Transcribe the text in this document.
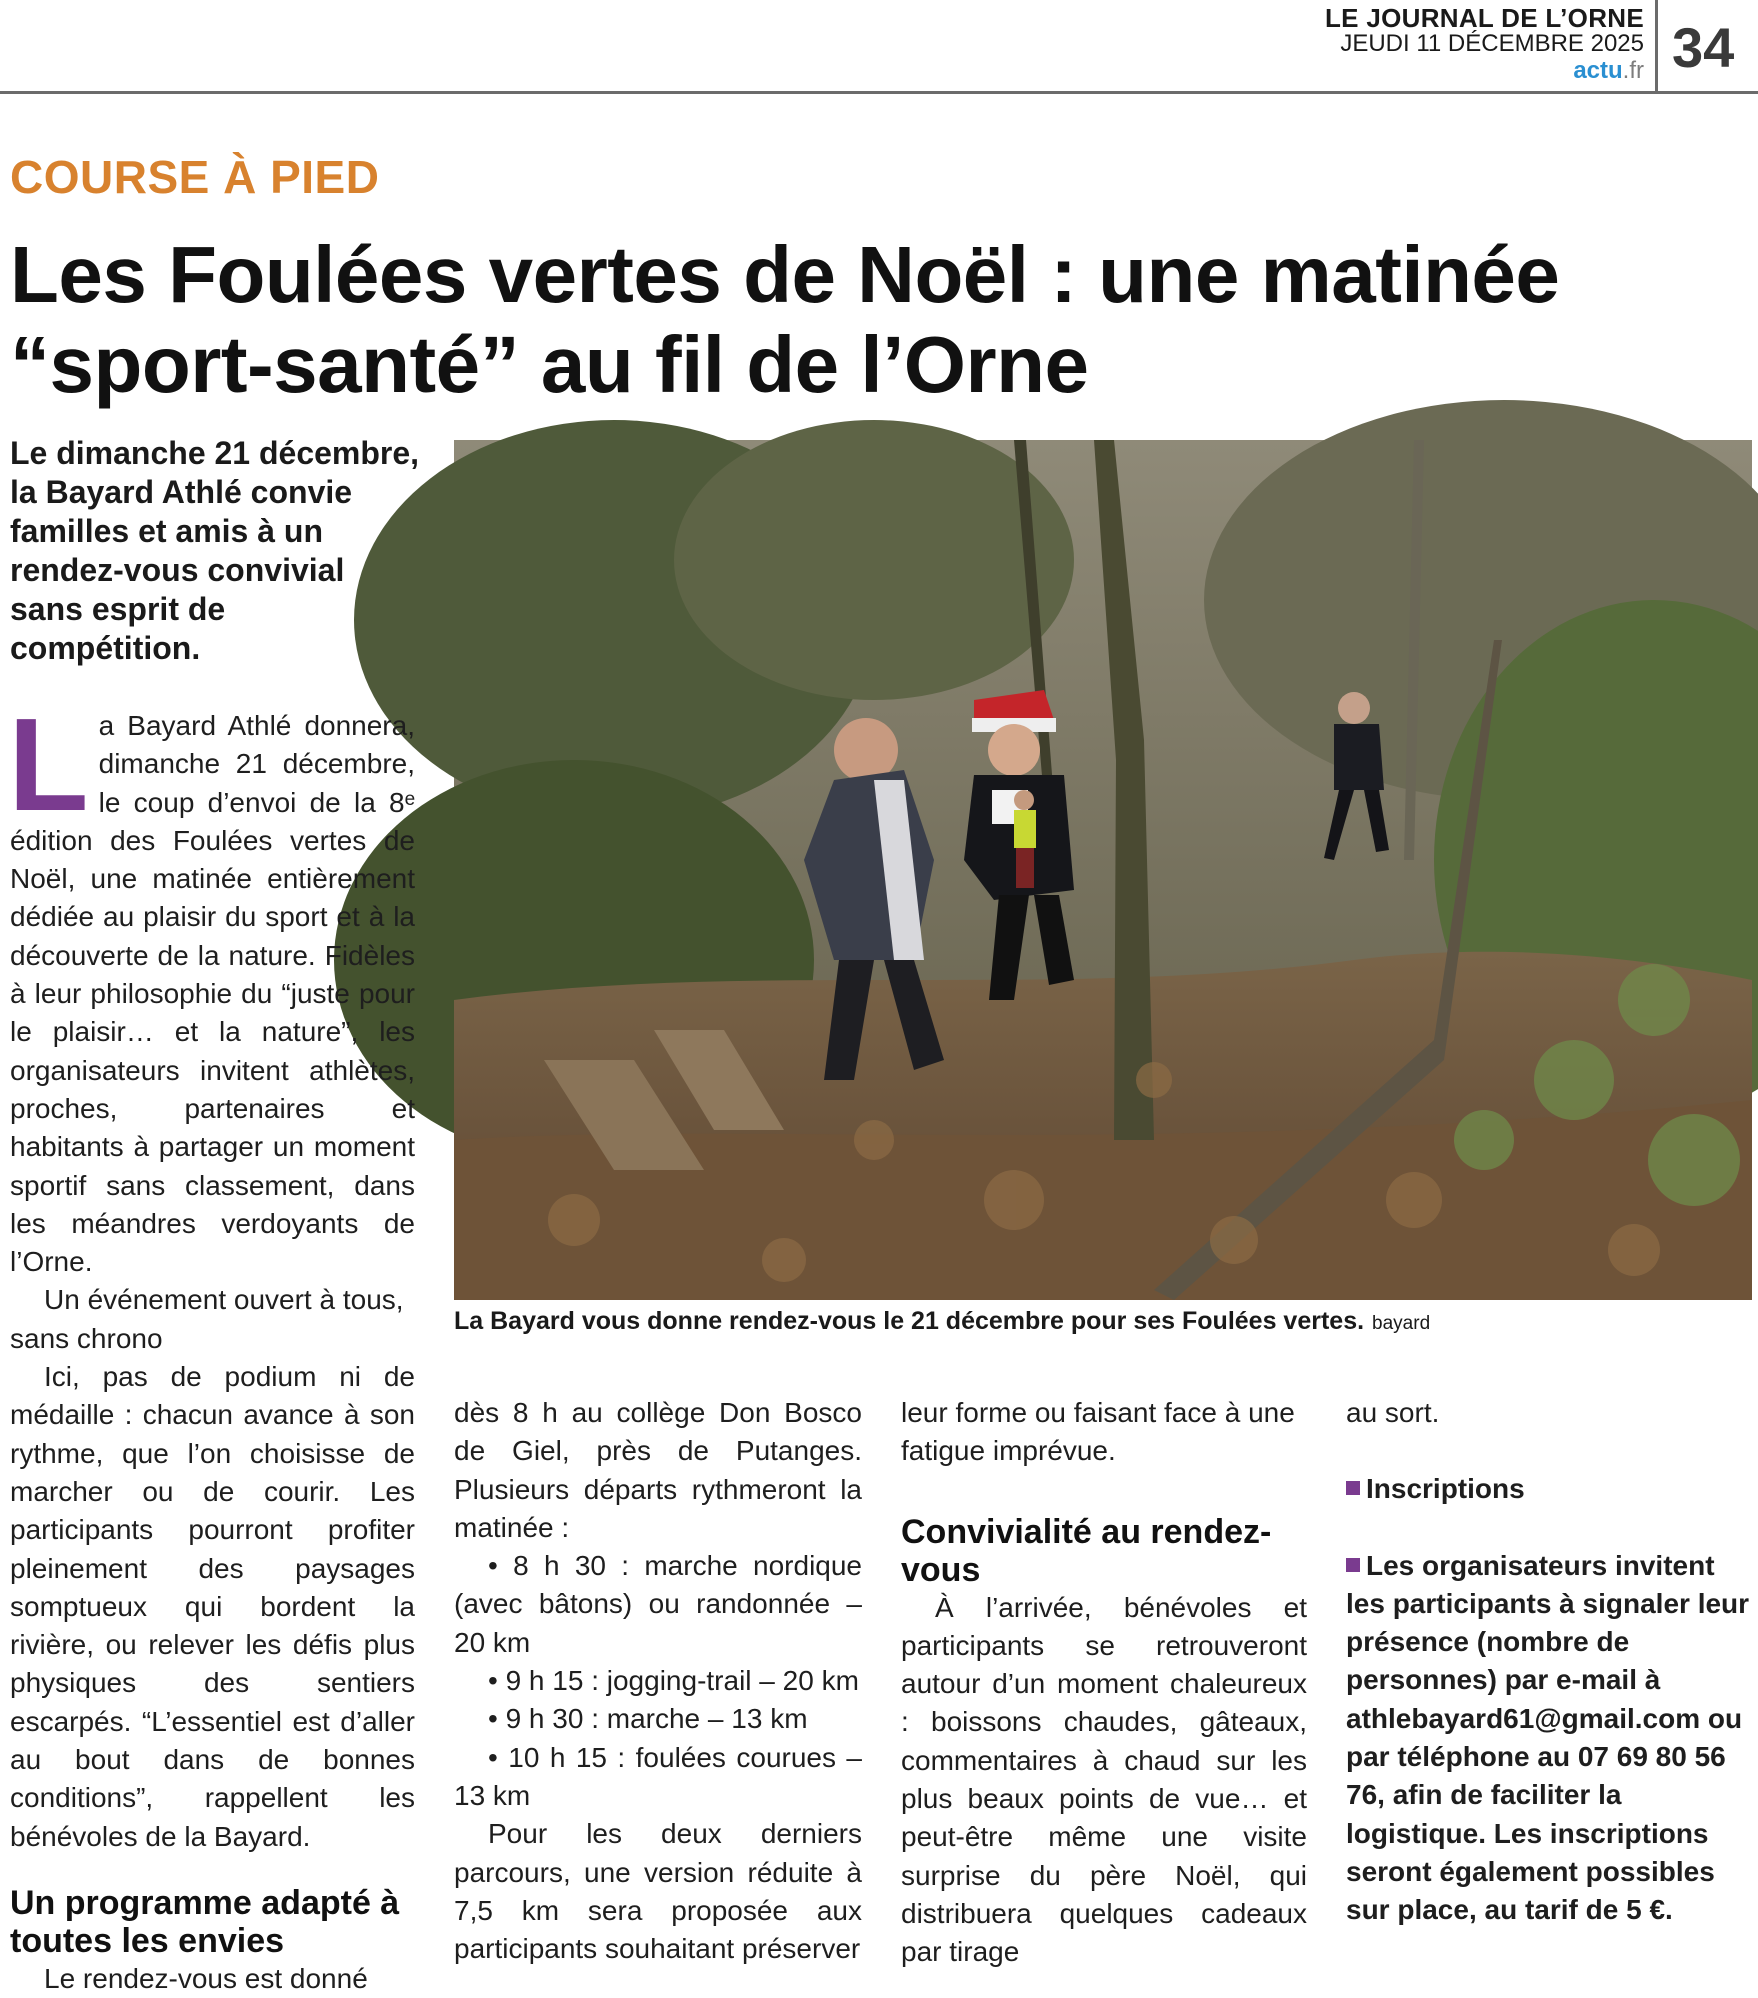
LE JOURNAL DE L’ORNE
JEUDI 11 DÉCEMBRE 2025
actu.fr 34
COURSE À PIED
Les Foulées vertes de Noël : une matinée
“sport-santé” au fil de l’Orne
Le dimanche 21 décembre, la Bayard Athlé convie familles et amis à un rendez-vous convivial sans esprit de compétition.
La Bayard vous donne rendez-vous le 21 décembre pour ses Foulées vertes. bayard

La Bayard Athlé donnera, dimanche 21 décembre, le coup d’envoi de la 8ᵉ édition des Foulées vertes de Noël, une matinée entièrement dédiée au plaisir du sport et à la découverte de la nature. Fidèles à leur philosophie du “juste pour le plaisir… et la nature”, les organisateurs invitent athlètes, proches, partenaires et habitants à partager un moment sportif sans classement, dans les méandres verdoyants de l’Orne.

Un événement ouvert à tous, sans chrono

Ici, pas de podium ni de médaille : chacun avance à son rythme, que l’on choisisse de marcher ou de courir. Les participants pourront profiter pleinement des paysages somptueux qui bordent la rivière, ou relever les défis plus physiques des sentiers escarpés. “L’essentiel est d’aller au bout dans de bonnes conditions”, rappellent les bénévoles de la Bayard.

Un programme adapté à toutes les envies

Le rendez-vous est donné

dès 8 h au collège Don Bosco de Giel, près de Putanges. Plusieurs départs rythmeront la matinée :

• 8 h 30 : marche nordique (avec bâtons) ou randonnée – 20 km

• 9 h 15 : jogging-trail – 20 km

• 9 h 30 : marche – 13 km

• 10 h 15 : foulées courues – 13 km

Pour les deux derniers parcours, une version réduite à 7,5 km sera proposée aux participants souhaitant préserver

leur forme ou faisant face à une fatigue imprévue.

Convivialité au rendez-vous

À l’arrivée, bénévoles et participants se retrouveront autour d’un moment chaleureux : boissons chaudes, gâteaux, commentaires à chaud sur les plus beaux points de vue… et peut-être même une visite surprise du père Noël, qui distribuera quelques cadeaux par tirage

au sort.

Inscriptions

Les organisateurs invitent les participants à signaler leur présence (nombre de personnes) par e-mail à athlebayard61@gmail.com ou par téléphone au 07 69 80 56 76, afin de faciliter la logistique. Les inscriptions seront également possibles sur place, au tarif de 5 €.
